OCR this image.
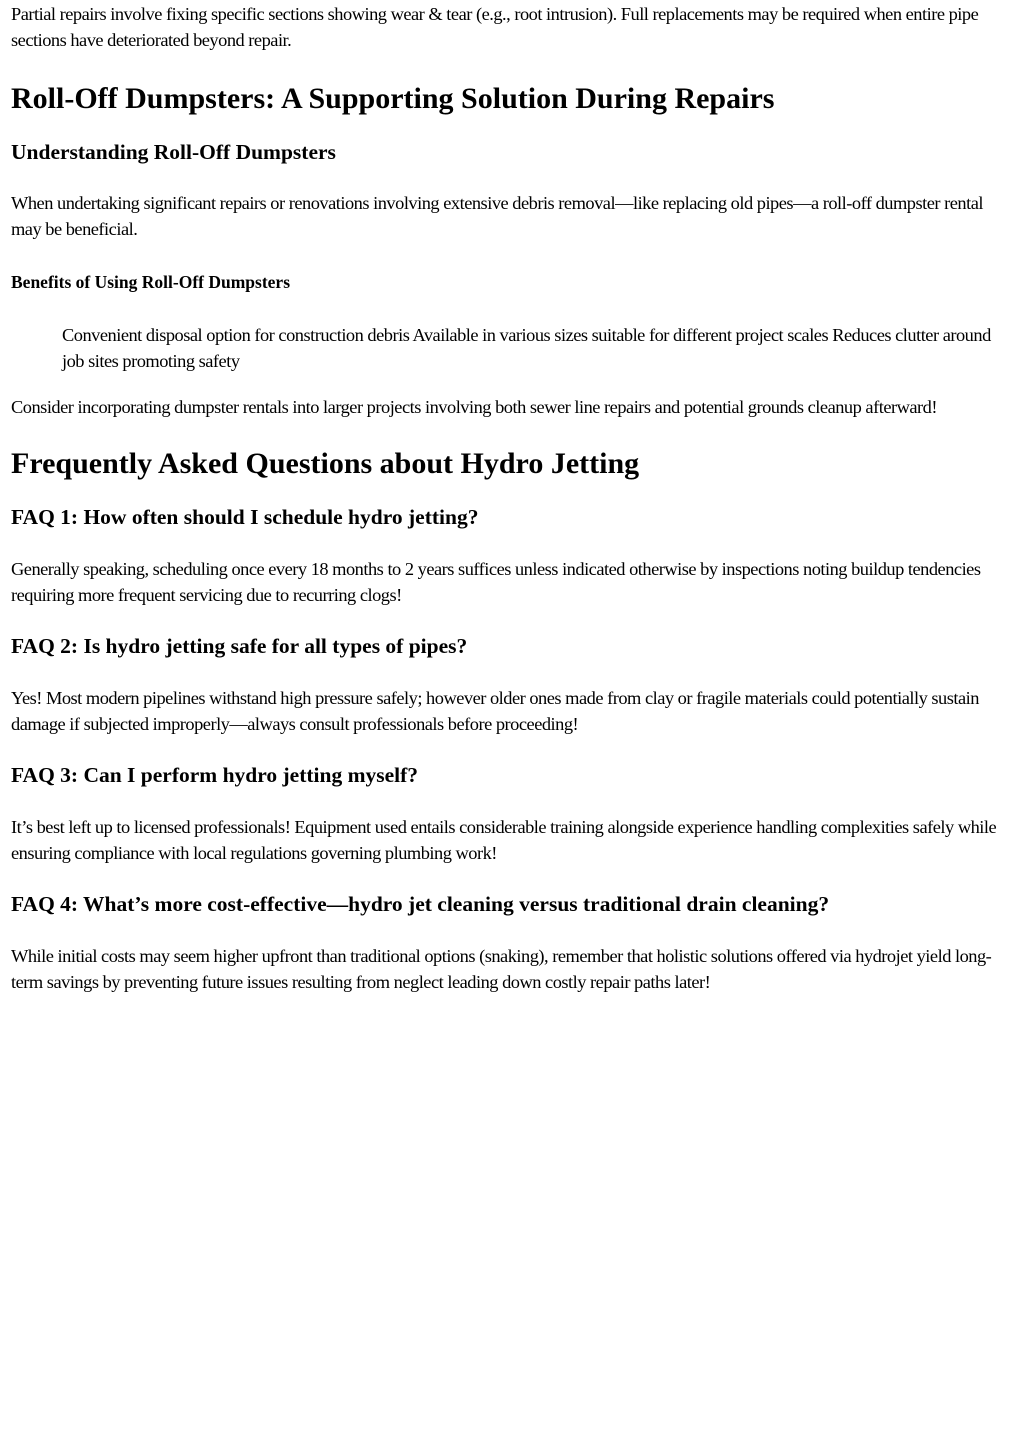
Partial repairs involve fixing specific sections showing wear & tear (e.g., root intrusion). Full replacements may be required when entire pipe sections have deteriorated beyond repair.

Roll-Off Dumpsters: A Supporting Solution During Repairs
Understanding Roll-Off Dumpsters

When undertaking significant repairs or renovations involving extensive debris removal—like replacing old pipes—a roll-off dumpster rental may be beneficial.

Benefits of Using Roll-Off Dumpsters

Convenient disposal option for construction debris Available in various sizes suitable for different project scales Reduces clutter around job sites promoting safety

Consider incorporating dumpster rentals into larger projects involving both sewer line repairs and potential grounds cleanup afterward!

Frequently Asked Questions about Hydro Jetting
FAQ 1: How often should I schedule hydro jetting?

Generally speaking, scheduling once every 18 months to 2 years suffices unless indicated otherwise by inspections noting buildup tendencies requiring more frequent servicing due to recurring clogs!

FAQ 2: Is hydro jetting safe for all types of pipes?

Yes! Most modern pipelines withstand high pressure safely; however older ones made from clay or fragile materials could potentially sustain damage if subjected improperly—always consult professionals before proceeding!

FAQ 3: Can I perform hydro jetting myself?

It’s best left up to licensed professionals! Equipment used entails considerable training alongside experience handling complexities safely while ensuring compliance with local regulations governing plumbing work!

FAQ 4: What’s more cost-effective—hydro jet cleaning versus traditional drain cleaning?

While initial costs may seem higher upfront than traditional options (snaking), remember that holistic solutions offered via hydrojet yield long-term savings by preventing future issues resulting from neglect leading down costly repair paths later!
